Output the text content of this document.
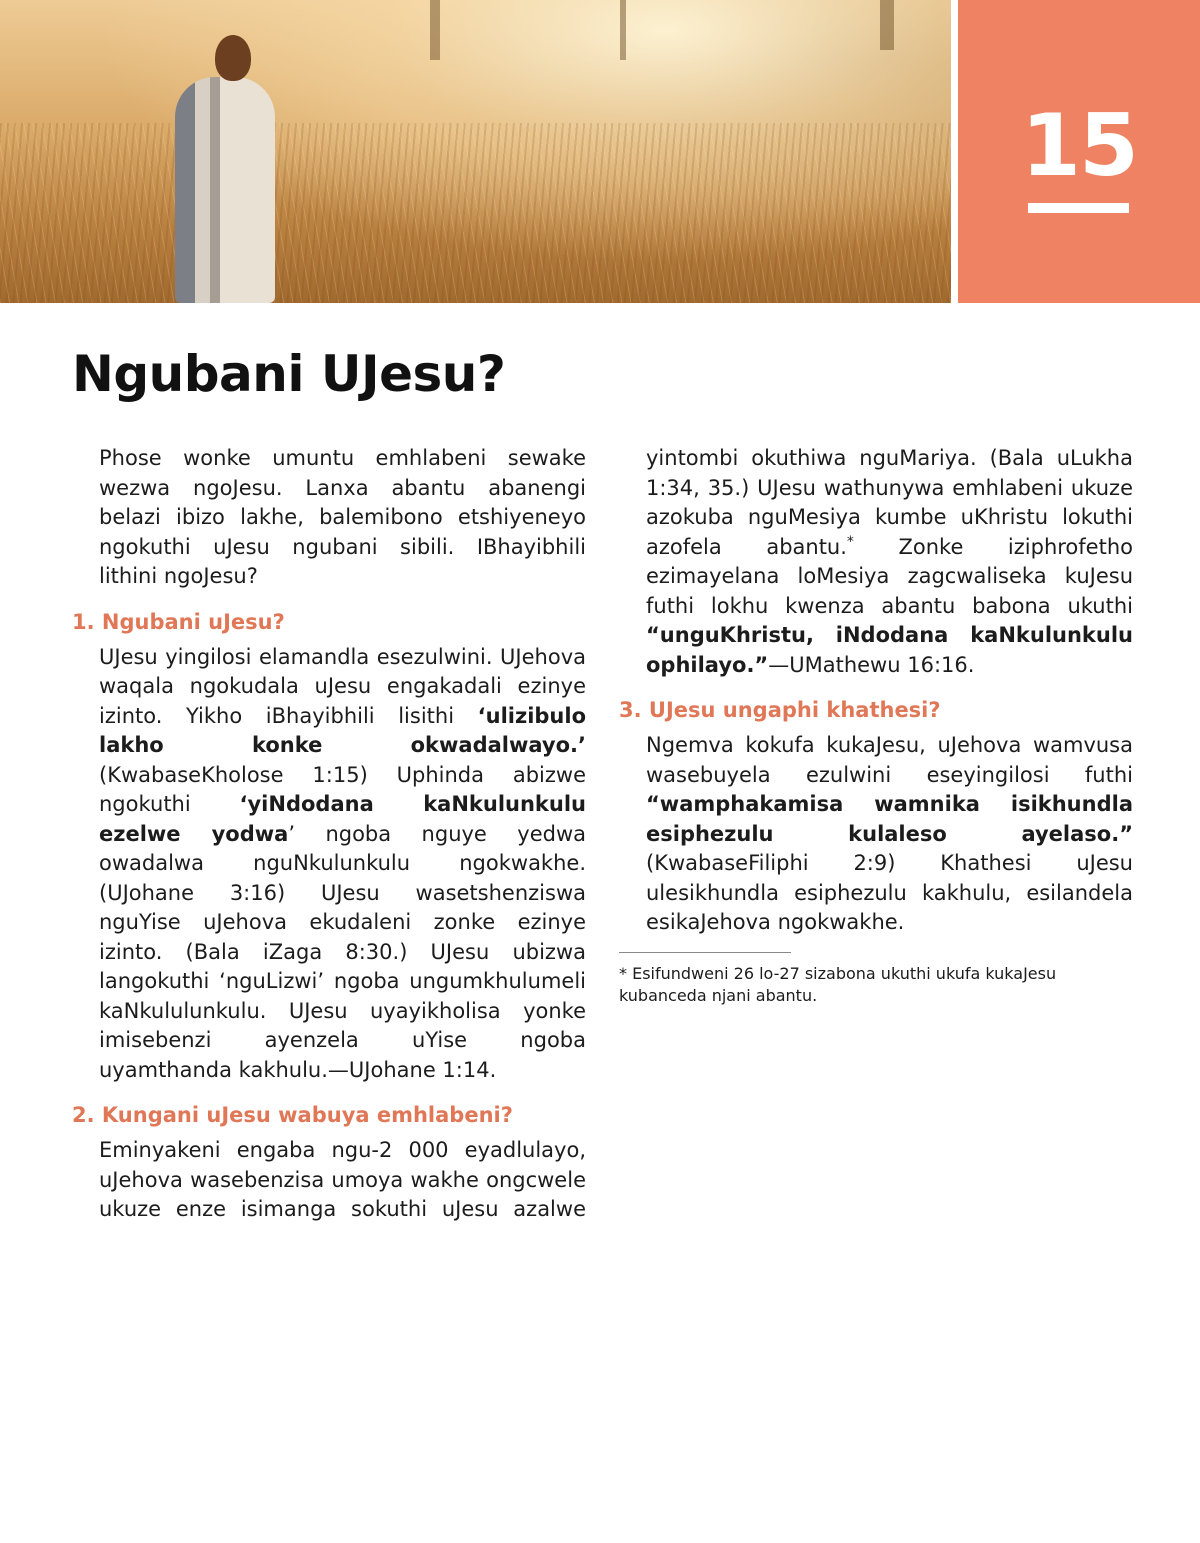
15
Ngubani UJesu?

Phose wonke umuntu emhlabeni sewake wezwa ngoJesu. Lanxa abantu abanengi belazi ibizo lakhe, balemibono etshiyeneyo ngokuthi uJesu ngubani sibili. IBhayibhili lithini ngoJesu?

1. Ngubani uJesu?

UJesu yingilosi elamandla esezulwini. UJehova waqala ngokudala uJesu engakadali ezinye izinto. Yikho iBhayibhili lisithi ‘ulizibulo lakho konke okwadalwayo.’ (KwabaseKholose 1:15) Uphinda abizwe ngokuthi ‘yiNdodana kaNkulunkulu ezelwe yodwa’ ngoba nguye yedwa owadalwa nguNkulunkulu ngokwakhe. (UJohane 3:16) UJesu wasetshenziswa nguYise uJehova ekudaleni zonke ezinye izinto. (Bala iZaga 8:30.) UJesu ubizwa langokuthi ‘nguLizwi’ ngoba ungumkhulumeli kaNkululunkulu. UJesu uyayikholisa yonke imisebenzi ayenzela uYise ngoba uyamthanda kakhulu.—UJohane 1:14.

2. Kungani uJesu wabuya emhlabeni?

Eminyakeni engaba ngu-2 000 eyadlulayo, uJehova wasebenzisa umoya wakhe ongcwele ukuze enze isimanga sokuthi uJesu azalwe yintombi okuthiwa nguMariya. (Bala uLukha 1:34, 35.) UJesu wathunywa emhlabeni ukuze azokuba nguMesiya kumbe uKhristu lokuthi azofela abantu.* Zonke iziphrofetho ezimayelana loMesiya zagcwaliseka kuJesu futhi lokhu kwenza abantu babona ukuthi “unguKhristu, iNdodana kaNkulunkulu ophilayo.”—UMathewu 16:16.

3. UJesu ungaphi khathesi?

Ngemva kokufa kukaJesu, uJehova wamvusa wasebuyela ezulwini eseyingilosi futhi “wamphakamisa wamnika isikhundla esiphezulu kulaleso ayelaso.” (KwabaseFiliphi 2:9) Khathesi uJesu ulesikhundla esiphezulu kakhulu, esilandela esikaJehova ngokwakhe.

* Esifundweni 26 lo-27 sizabona ukuthi ukufa kukaJesu kubanceda njani abantu.
